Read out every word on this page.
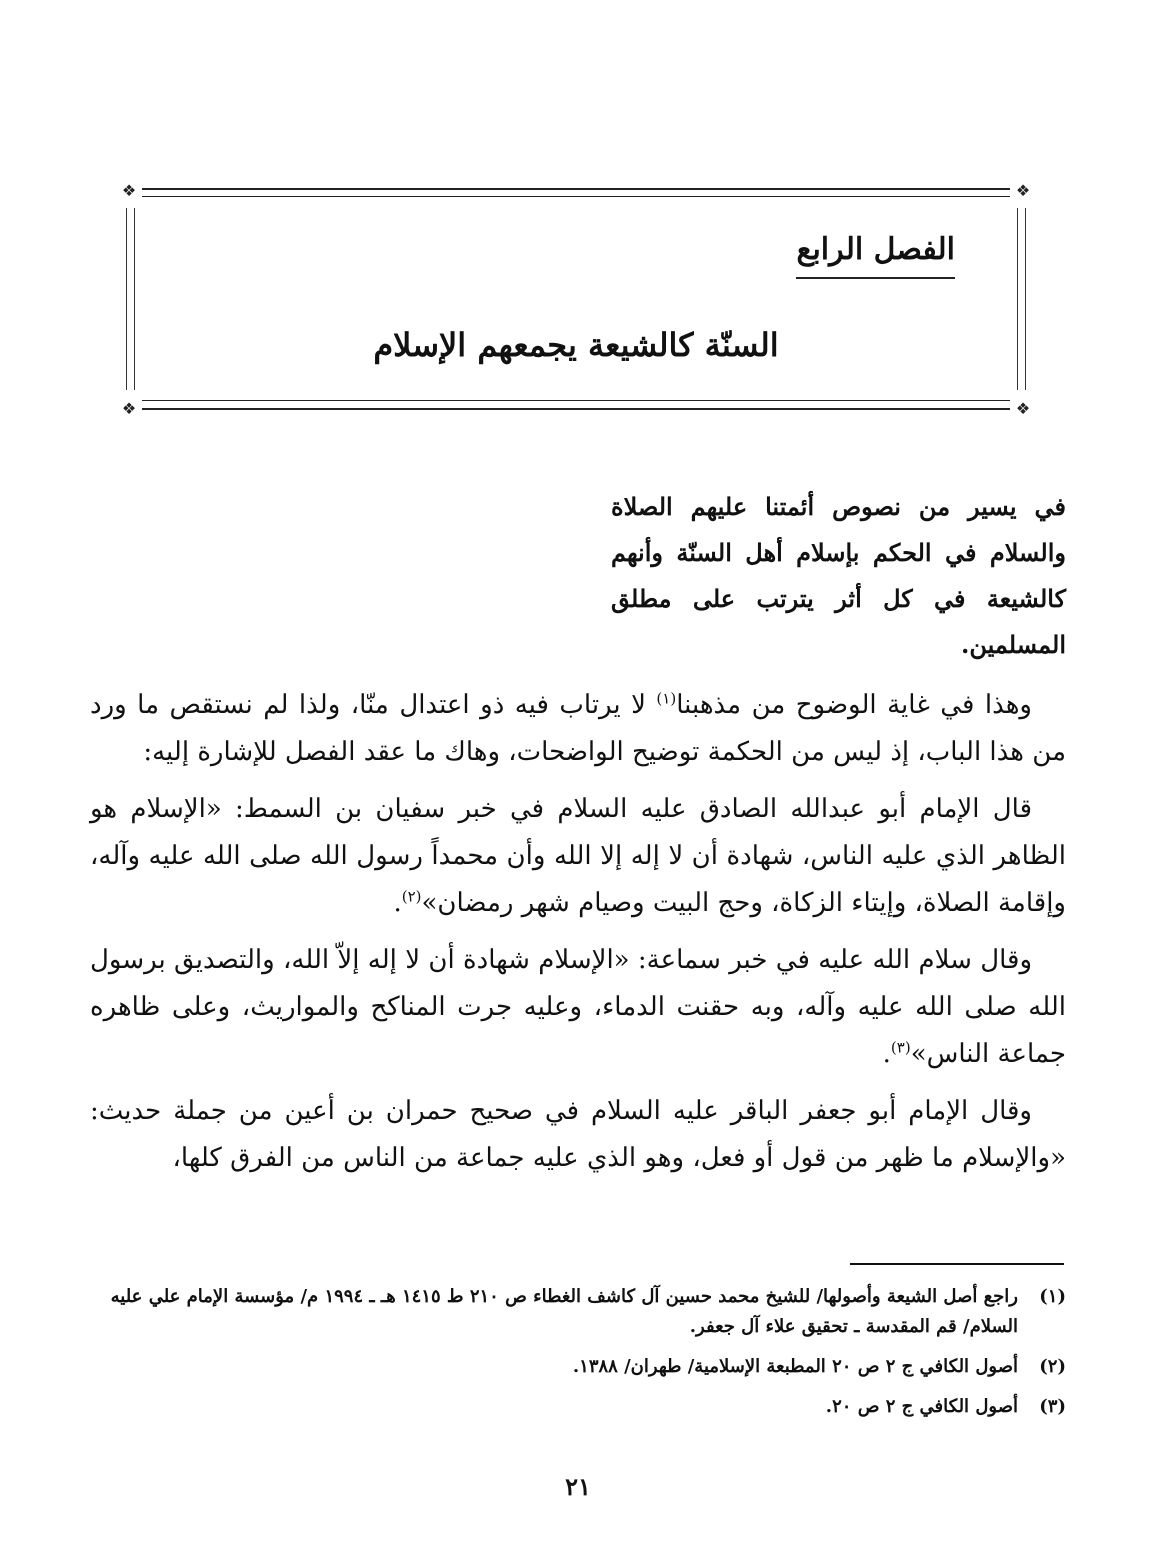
❖	❖
❖	❖
الفصل الرابع
السنّة كالشيعة يجمعهم الإسلام
في يسير من نصوص أئمتنا عليهم الصلاة والسلام في الحكم بإسلام أهل السنّة وأنهم كالشيعة في كل أثر يترتب على مطلق المسلمين.

وهذا في غاية الوضوح من مذهبنا$^{(١)}$ لا يرتاب فيه ذو اعتدال منّا، ولذا لم نستقص ما ورد من هذا الباب، إذ ليس من الحكمة توضيح الواضحات، وهاك ما عقد الفصل للإشارة إليه:

قال الإمام أبو عبدالله الصادق عليه السلام في خبر سفيان بن السمط: «الإسلام هو الظاهر الذي عليه الناس، شهادة أن لا إله إلا الله وأن محمداً رسول الله صلى الله عليه وآله، وإقامة الصلاة، وإيتاء الزكاة، وحج البيت وصيام شهر رمضان»$^{(٢)}$.

وقال سلام الله عليه في خبر سماعة: «الإسلام شهادة أن لا إله إلاّ الله، والتصديق برسول الله صلى الله عليه وآله، وبه حقنت الدماء، وعليه جرت المناكح والمواريث، وعلى ظاهره جماعة الناس»$^{(٣)}$.

وقال الإمام أبو جعفر الباقر عليه السلام في صحيح حمران بن أعين من جملة حديث: «والإسلام ما ظهر من قول أو فعل، وهو الذي عليه جماعة من الناس من الفرق كلها،

(١)
راجع أصل الشيعة وأصولها/ للشيخ محمد حسين آل كاشف الغطاء ص ٢١٠ ط ١٤١٥ هـ ـ ١٩٩٤ م/ مؤسسة الإمام علي عليه السلام/ قم المقدسة ـ تحقيق علاء آل جعفر.
(٢)
أصول الكافي ج ٢ ص ٢٠ المطبعة الإسلامية/ طهران/ ١٣٨٨.
(٣)
أصول الكافي ج ٢ ص ٢٠.
٢١
